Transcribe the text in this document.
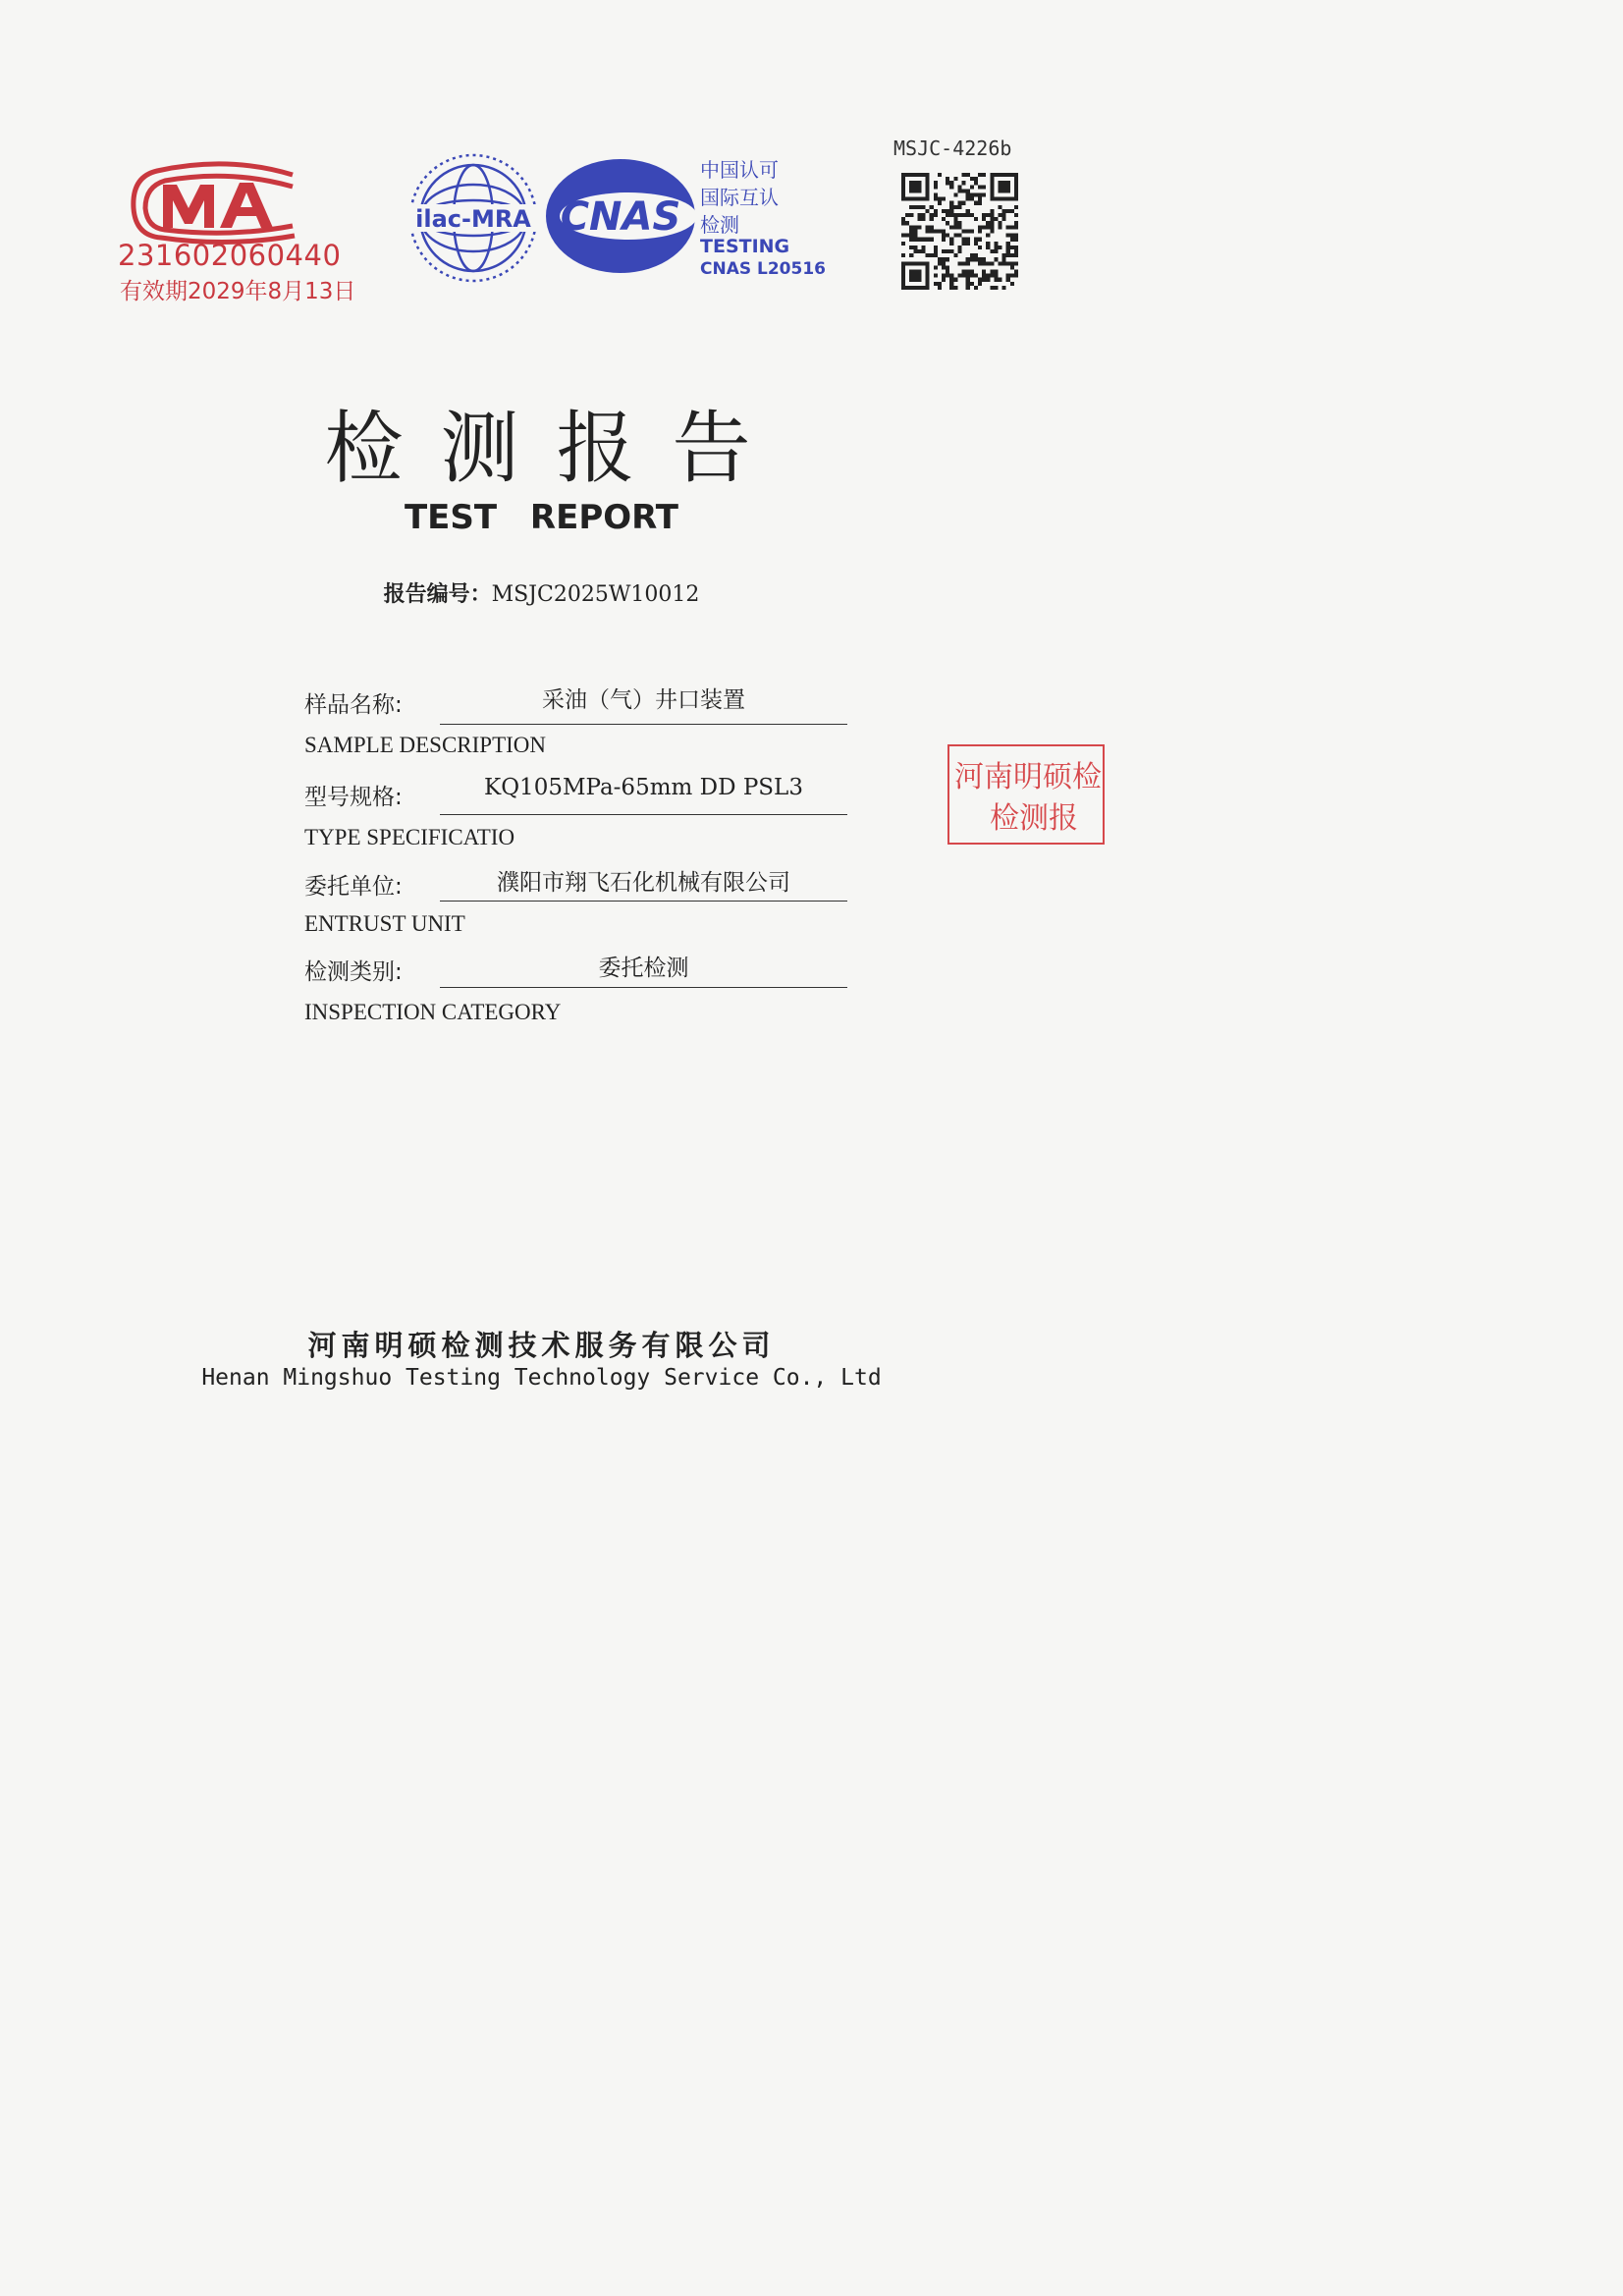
231602060440
有效期2029年8月13日
ilac-MRA CNAS
中国认可
国际互认
检测
TESTING
CNAS L20516
MSJC-4226b
检测报告
TEST REPORT
报告编号：MSJC2025W10012
样品名称:	采油（气）井口装置
SAMPLE DESCRIPTION
型号规格:	KQ105MPa-65mm DD PSL3
TYPE SPECIFICATIO
委托单位:	濮阳市翔飞石化机械有限公司
ENTRUST UNIT
检测类别:	委托检测
INSPECTION CATEGORY
河南明硕检
检测报
河南明硕检测技术服务有限公司
Henan Mingshuo Testing Technology Service Co., Ltd
